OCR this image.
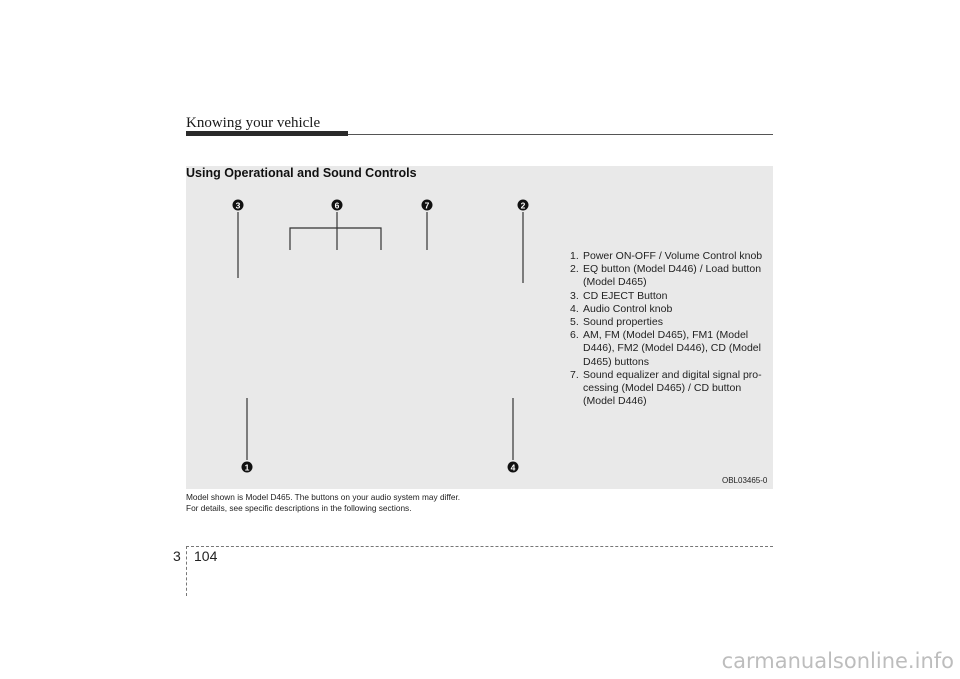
Knowing your vehicle
Using Operational and Sound Controls
3	6	7	2
1	4
1. Power ON-OFF / Volume Control knob
2. EQ button (Model D446) / Load button (Model D465)
3. CD EJECT Button
4. Audio Control knob
5. Sound properties
6. AM, FM (Model D465), FM1 (Model D446), FM2 (Model D446), CD (Model D465) buttons
7. Sound equalizer and digital signal pro-cessing (Model D465) / CD button (Model D446)
OBL03465-0
Model shown is Model D465. The buttons on your audio system may differ.
For details, see specific descriptions in the following sections.
3 104
carmanualsonline.info
